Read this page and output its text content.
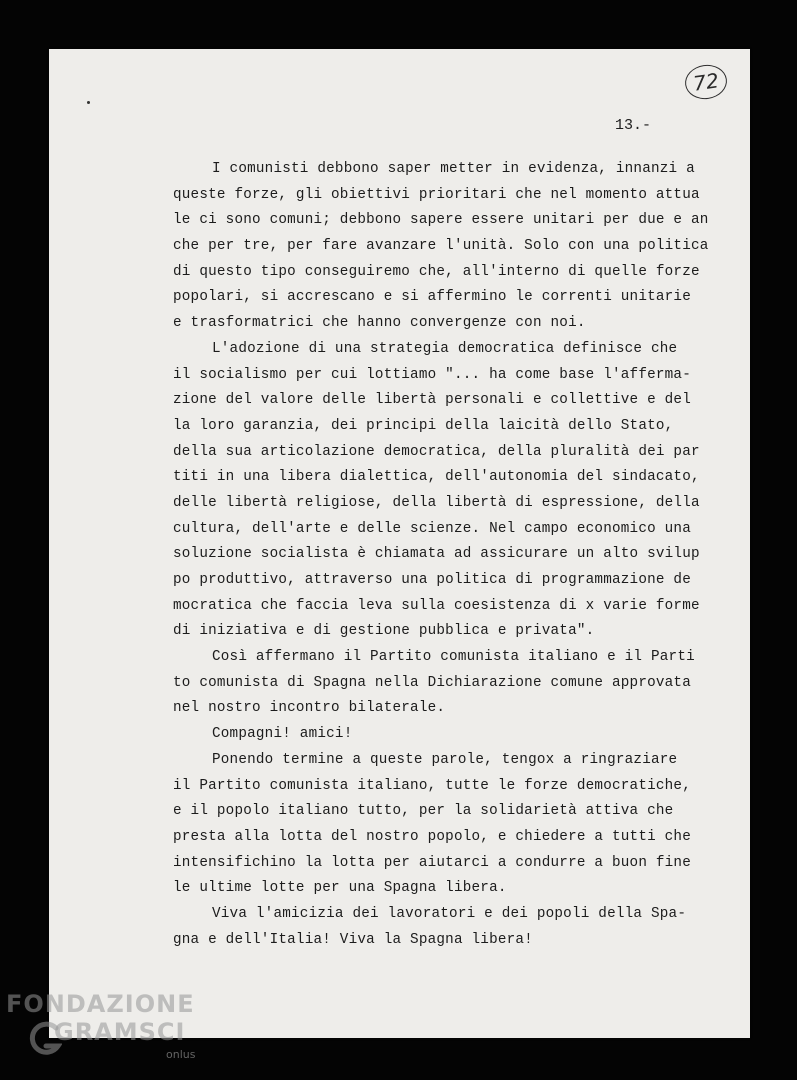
72
13.-
I comunisti debbono saper metter in evidenza, innanzi a
queste forze, gli obiettivi prioritari che nel momento attua
le ci sono comuni; debbono sapere essere unitari per due e an
che per tre, per fare avanzare l'unità. Solo con una politica
di questo tipo conseguiremo che, all'interno di quelle forze
popolari, si accrescano e si affermino le correnti unitarie
e trasformatrici che hanno convergenze con noi.
L'adozione di una strategia democratica definisce che
il socialismo per cui lottiamo "... ha come base l'afferma-
zione del valore delle libertà personali e collettive e del
la loro garanzia, dei principi della laicità dello Stato,
della sua articolazione democratica, della pluralità dei par
titi in una libera dialettica, dell'autonomia del sindacato,
delle libertà religiose, della libertà di espressione, della
cultura, dell'arte e delle scienze. Nel campo economico una
soluzione socialista è chiamata ad assicurare un alto svilup
po produttivo, attraverso una politica di programmazione de
mocratica che faccia leva sulla coesistenza di x varie forme
di iniziativa e di gestione pubblica e privata".
Così affermano il Partito comunista italiano e il Parti
to comunista di Spagna nella Dichiarazione comune approvata
nel nostro incontro bilaterale.
Compagni! amici!
Ponendo termine a queste parole, tengox a ringraziare
il Partito comunista italiano, tutte le forze democratiche,
e il popolo italiano tutto, per la solidarietà attiva che
presta alla lotta del nostro popolo, e chiedere a tutti che
intensifichino la lotta per aiutarci a condurre a buon fine
le ultime lotte per una Spagna libera.
Viva l'amicizia dei lavoratori e dei popoli della Spa-
gna e dell'Italia! Viva la Spagna libera!
FONDAZIONE
GRAMSCI
onlus
